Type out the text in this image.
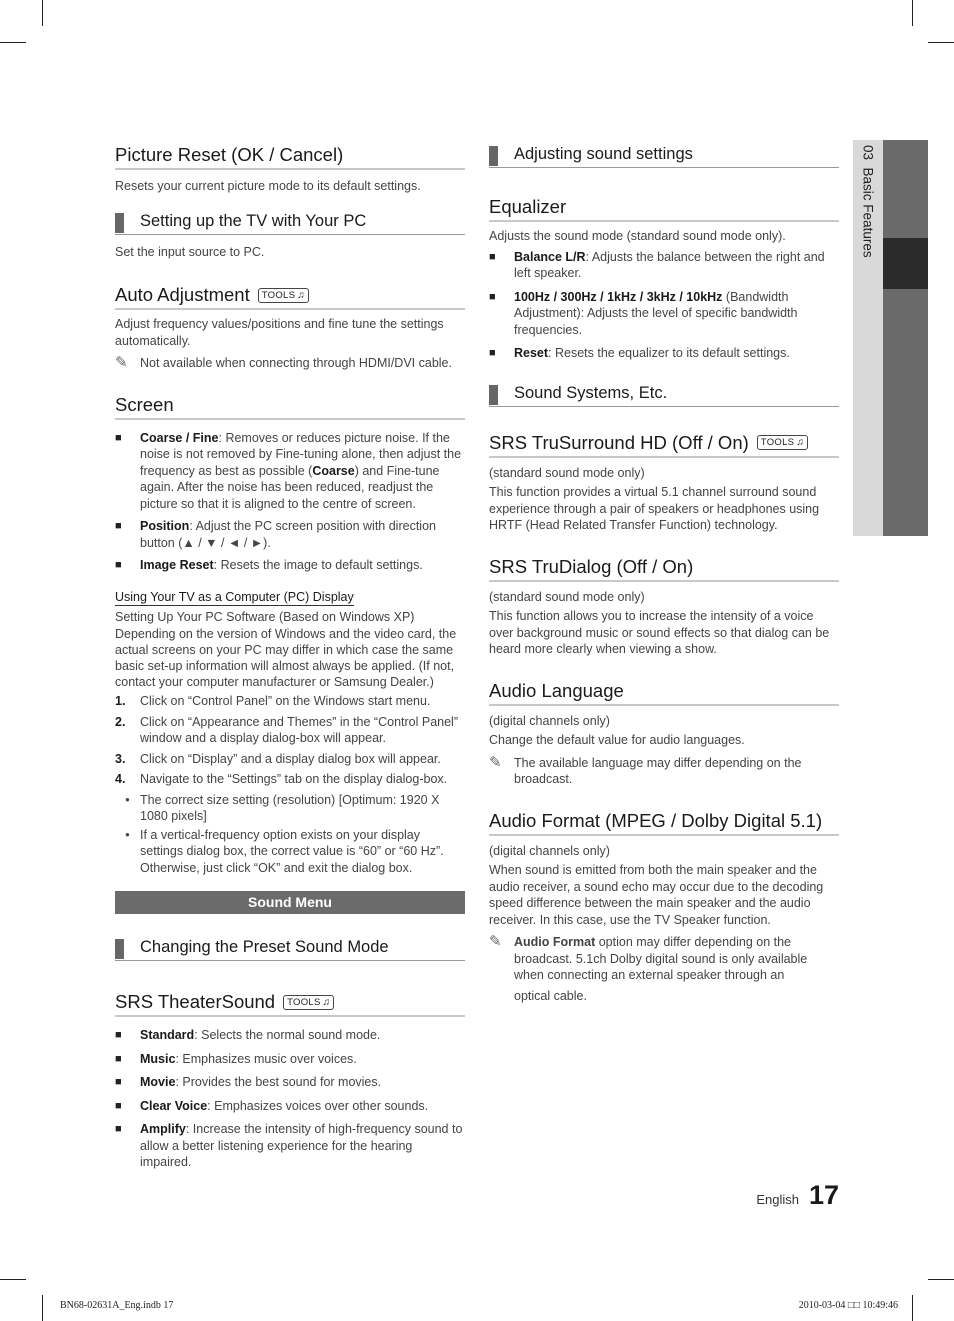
03  Basic Features
Picture Reset (OK / Cancel)

Resets your current picture mode to its default settings.

Setting up the TV with Your PC

Set the input source to PC.

Auto Adjustment TOOLS ♫

Adjust frequency values/positions and fine tune the settings automatically.

✎ Not available when connecting through HDMI/DVI cable.
Screen
■	Coarse / Fine: Removes or reduces picture noise. If the noise is not removed by Fine-tuning alone, then adjust the frequency as best as possible (Coarse) and Fine-tune again. After the noise has been reduced, readjust the picture so that it is aligned to the centre of screen.
■	Position: Adjust the PC screen position with direction button (▲ / ▼ / ◄ / ►).
■	Image Reset: Resets the image to default settings.
Using Your TV as a Computer (PC) Display

Setting Up Your PC Software (Based on Windows XP)

Depending on the version of Windows and the video card, the actual screens on your PC may differ in which case the same basic set-up information will almost always be applied. (If not, contact your computer manufacturer or Samsung Dealer.)

1.	Click on “Control Panel” on the Windows start menu.
2.	Click on “Appearance and Themes” in the “Control Panel” window and a display dialog-box will appear.
3.	Click on “Display” and a display dialog box will appear.
4.	Navigate to the “Settings” tab on the display dialog-box.
• The correct size setting (resolution) [Optimum: 1920 X 1080 pixels]
• If a vertical-frequency option exists on your display settings dialog box, the correct value is “60” or “60 Hz”. Otherwise, just click “OK” and exit the dialog box.
Sound Menu
Changing the Preset Sound Mode
SRS TheaterSound TOOLS ♫
■	Standard: Selects the normal sound mode.
■	Music: Emphasizes music over voices.
■	Movie: Provides the best sound for movies.
■	Clear Voice: Emphasizes voices over other sounds.
■	Amplify: Increase the intensity of high-frequency sound to allow a better listening experience for the hearing impaired.
Adjusting sound settings
Equalizer

Adjusts the sound mode (standard sound mode only).

■	Balance L/R: Adjusts the balance between the right and left speaker.
■	100Hz / 300Hz / 1kHz / 3kHz / 10kHz (Bandwidth Adjustment): Adjusts the level of specific bandwidth frequencies.
■	Reset: Resets the equalizer to its default settings.
Sound Systems, Etc.
SRS TruSurround HD (Off / On) TOOLS ♫

(standard sound mode only)

This function provides a virtual 5.1 channel surround sound experience through a pair of speakers or headphones using HRTF (Head Related Transfer Function) technology.

SRS TruDialog (Off / On)

(standard sound mode only)

This function allows you to increase the intensity of a voice over background music or sound effects so that dialog can be heard more clearly when viewing a show.

Audio Language

(digital channels only)

Change the default value for audio languages.

✎ The available language may differ depending on the broadcast.
Audio Format (MPEG / Dolby Digital 5.1)

(digital channels only)

When sound is emitted from both the main speaker and the audio receiver, a sound echo may occur due to the decoding speed difference between the main speaker and the audio receiver. In this case, use the TV Speaker function.

✎ Audio Format option may differ depending on the broadcast. 5.1ch Dolby digital sound is only available when connecting an external speaker through an
optical cable.
English 17
BN68-02631A_Eng.indb 17	2010-03-04 □□ 10:49:46
